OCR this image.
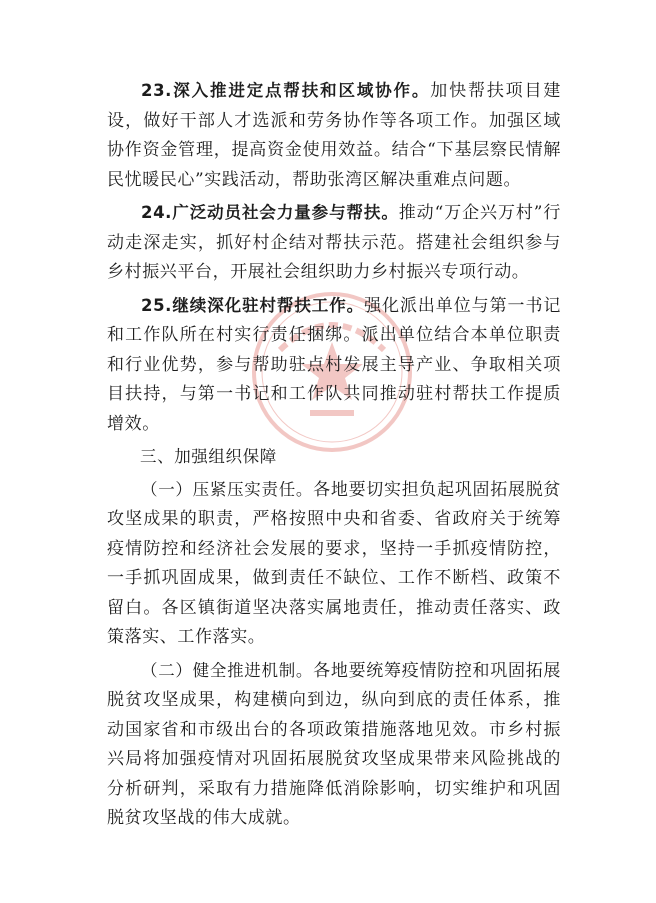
23.深入推进定点帮扶和区域协作。加快帮扶项目建设，做好干部人才选派和劳务协作等各项工作。加强区域协作资金管理，提高资金使用效益。结合“下基层察民情解民忧暖民心”实践活动，帮助张湾区解决重难点问题。

24.广泛动员社会力量参与帮扶。推动“万企兴万村”行动走深走实，抓好村企结对帮扶示范。搭建社会组织参与乡村振兴平台，开展社会组织助力乡村振兴专项行动。

25.继续深化驻村帮扶工作。强化派出单位与第一书记和工作队所在村实行责任捆绑。派出单位结合本单位职责和行业优势，参与帮助驻点村发展主导产业、争取相关项目扶持，与第一书记和工作队共同推动驻村帮扶工作提质增效。

三、加强组织保障

（一）压紧压实责任。各地要切实担负起巩固拓展脱贫攻坚成果的职责，严格按照中央和省委、省政府关于统筹疫情防控和经济社会发展的要求，坚持一手抓疫情防控，一手抓巩固成果，做到责任不缺位、工作不断档、政策不留白。各区镇街道坚决落实属地责任，推动责任落实、政策落实、工作落实。

（二）健全推进机制。各地要统筹疫情防控和巩固拓展脱贫攻坚成果，构建横向到边，纵向到底的责任体系，推动国家省和市级出台的各项政策措施落地见效。市乡村振兴局将加强疫情对巩固拓展脱贫攻坚成果带来风险挑战的分析研判，采取有力措施降低消除影响，切实维护和巩固脱贫攻坚战的伟大成就。
